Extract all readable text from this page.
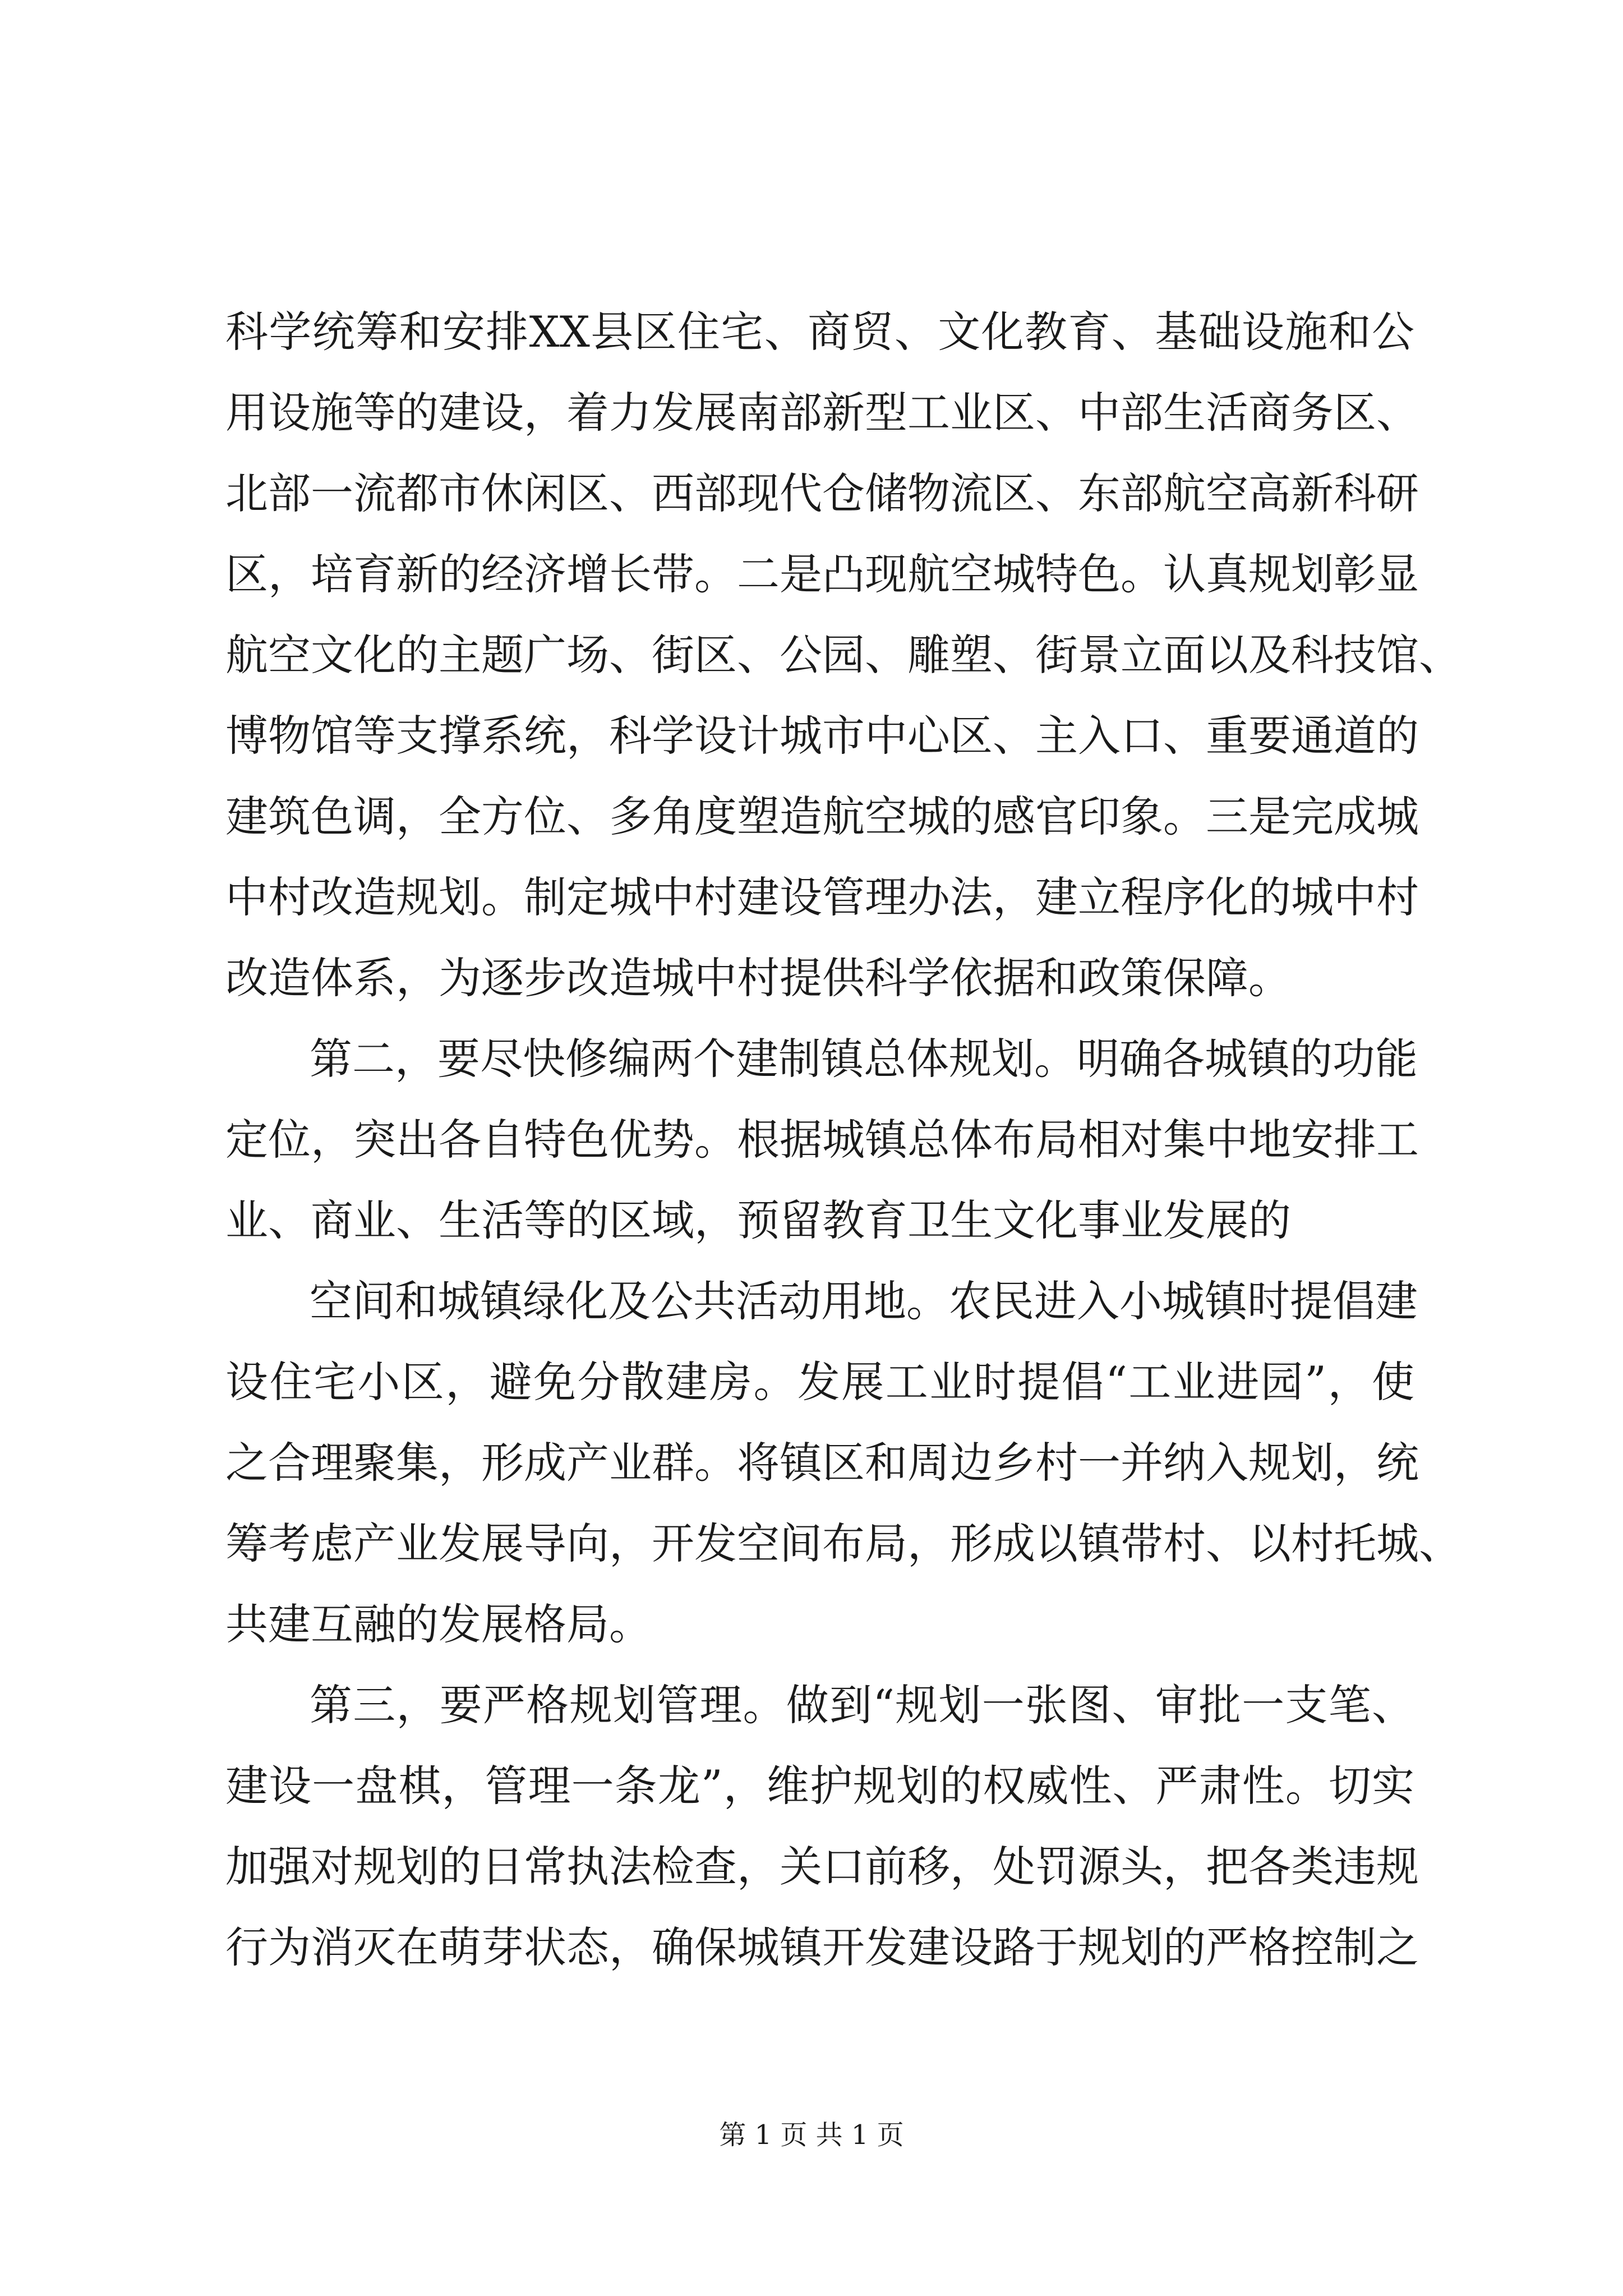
科学统筹和安排XX县区住宅、商贸、文化教育、基础设施和公
用设施等的建设，着力发展南部新型工业区、中部生活商务区、
北部一流都市休闲区、西部现代仓储物流区、东部航空高新科研
区，培育新的经济增长带。二是凸现航空城特色。认真规划彰显
航空文化的主题广场、街区、公园、雕塑、街景立面以及科技馆、
博物馆等支撑系统，科学设计城市中心区、主入口、重要通道的
建筑色调，全方位、多角度塑造航空城的感官印象。三是完成城
中村改造规划。制定城中村建设管理办法，建立程序化的城中村
改造体系，为逐步改造城中村提供科学依据和政策保障。
第二，要尽快修编两个建制镇总体规划。明确各城镇的功能
定位，突出各自特色优势。根据城镇总体布局相对集中地安排工
业、商业、生活等的区域，预留教育卫生文化事业发展的
空间和城镇绿化及公共活动用地。农民进入小城镇时提倡建
设住宅小区，避免分散建房。发展工业时提倡“工业进园”，使
之合理聚集，形成产业群。将镇区和周边乡村一并纳入规划，统
筹考虑产业发展导向，开发空间布局，形成以镇带村、以村托城、
共建互融的发展格局。
第三，要严格规划管理。做到“规划一张图、审批一支笔、
建设一盘棋，管理一条龙”，维护规划的权威性、严肃性。切实
加强对规划的日常执法检查，关口前移，处罚源头，把各类违规
行为消灭在萌芽状态，确保城镇开发建设路于规划的严格控制之
第 1 页 共 1 页
